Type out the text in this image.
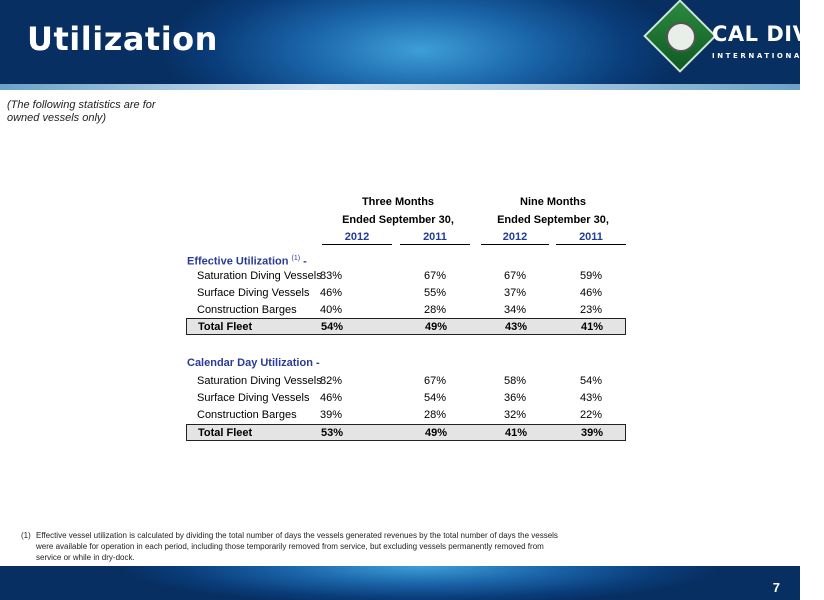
Utilization	CAL DIVE
INTERNATIONAL
(The following statistics are for owned vessels only)
Three Months
Ended September 30,
Nine Months
Ended September 30,
2012	2011	2012	2011
Effective Utilization $^{(1)}$ -
Saturation Diving Vessels
83%	67%	67%	59%
Surface Diving Vessels 46%	55%	37%	46%
Construction Barges 40%	28%	34%	23%
Total Fleet	54%	49%	43%	41%
Calendar Day Utilization -
Saturation Diving Vessels
82%	67%	58%	54%
Surface Diving Vessels 46%	54%	36%	43%
Construction Barges 39%	28%	32%	22%
Total Fleet	53%	49%	41%	39%
(1) Effective vessel utilization is calculated by dividing the total number of days the vessels generated revenues by the total number of days the vessels were available for operation in each period, including those temporarily removed from service, but excluding vessels permanently removed from service or while in dry-dock.
7
